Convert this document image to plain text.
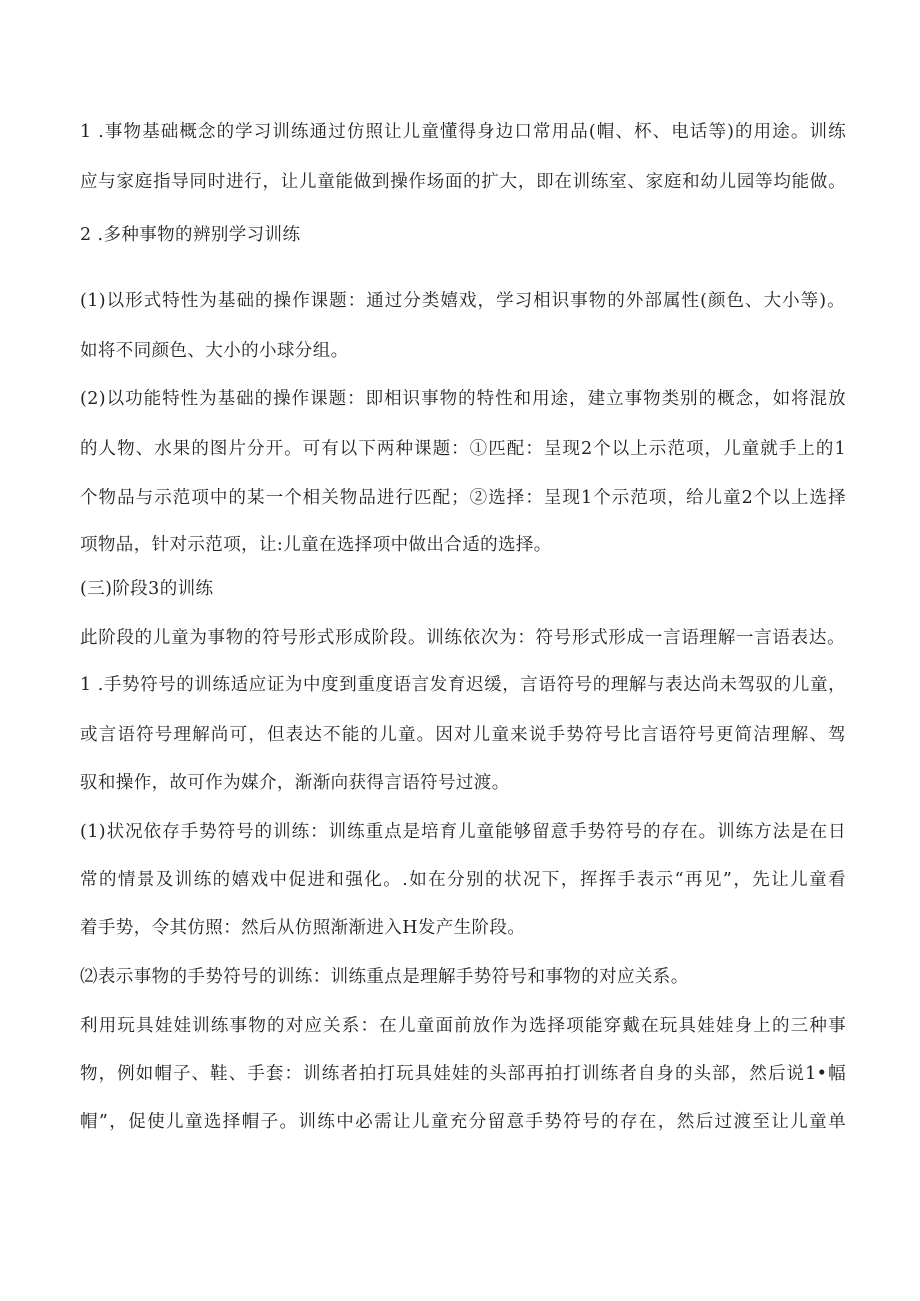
1 .事物基础概念的学习训练通过仿照让儿童懂得身边口常用品(帽、杯、电话等)的用途。训练
应与家庭指导同时进行，让儿童能做到操作场面的扩大，即在训练室、家庭和幼儿园等均能做。
2 .多种事物的辨别学习训练
(1)以形式特性为基础的操作课题：通过分类嬉戏，学习相识事物的外部属性(颜色、大小等)。
如将不同颜色、大小的小球分组。
(2)以功能特性为基础的操作课题：即相识事物的特性和用途，建立事物类别的概念，如将混放
的人物、水果的图片分开。可有以下两种课题：①匹配：呈现2个以上示范项，儿童就手上的1
个物品与示范项中的某一个相关物品进行匹配；②选择：呈现1个示范项，给儿童2个以上选择
项物品，针对示范项，让:儿童在选择项中做出合适的选择。
(三)阶段3的训练
此阶段的儿童为事物的符号形式形成阶段。训练依次为：符号形式形成一言语理解一言语表达。
1 .手势符号的训练适应证为中度到重度语言发育迟缓，言语符号的理解与表达尚未驾驭的儿童，
或言语符号理解尚可，但表达不能的儿童。因对儿童来说手势符号比言语符号更简洁理解、驾
驭和操作，故可作为媒介，渐渐向获得言语符号过渡。
(1)状况依存手势符号的训练：训练重点是培育儿童能够留意手势符号的存在。训练方法是在日
常的情景及训练的嬉戏中促进和强化。.如在分别的状况下，挥挥手表示“再见”，先让儿童看
着手势，令其仿照：然后从仿照渐渐进入H发产生阶段。
⑵表示事物的手势符号的训练：训练重点是理解手势符号和事物的对应关系。
利用玩具娃娃训练事物的对应关系：在儿童面前放作为选择项能穿戴在玩具娃娃身上的三种事
物，例如帽子、鞋、手套：训练者拍打玩具娃娃的头部再拍打训练者自身的头部，然后说1•幅
帽”，促使儿童选择帽子。训练中必需让儿童充分留意手势符号的存在，然后过渡至让儿童单
